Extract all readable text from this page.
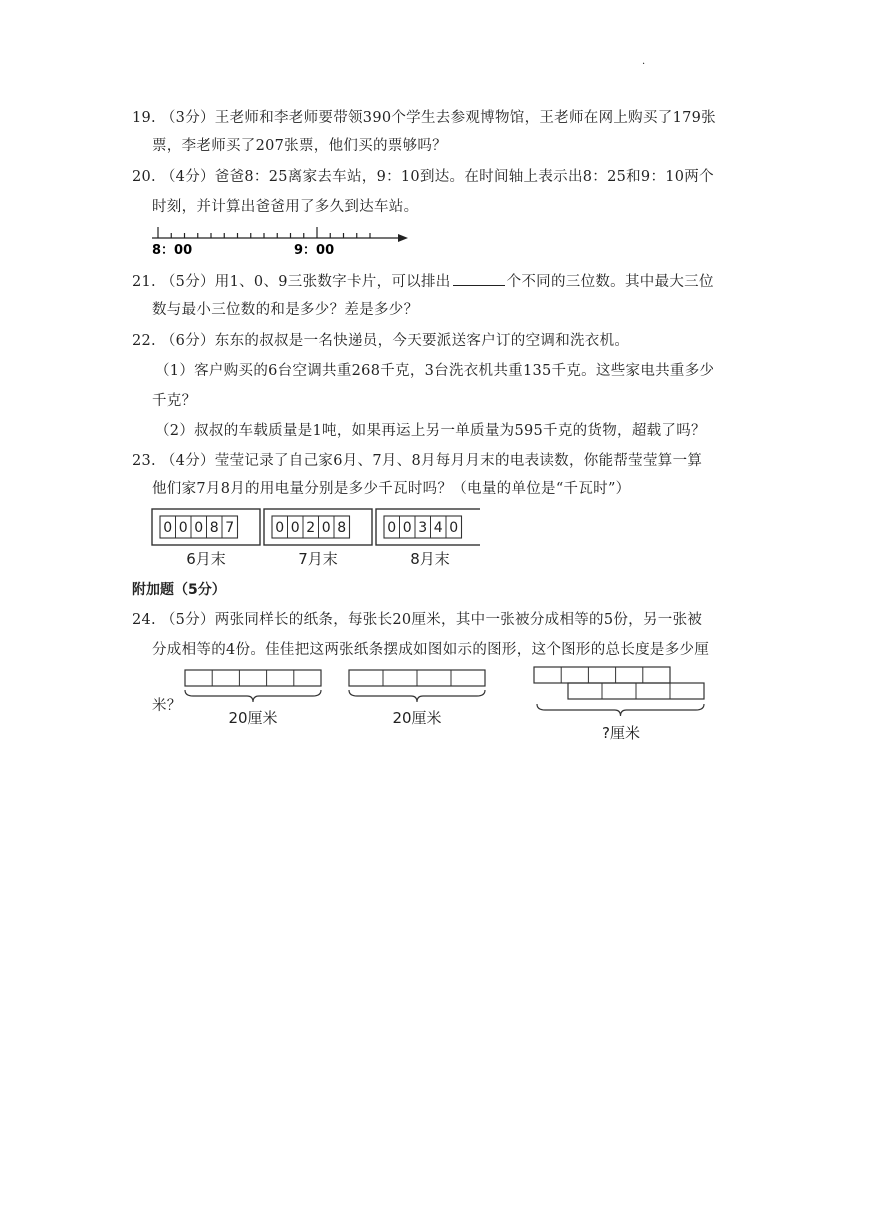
.
19. （3分）王老师和李老师要带领390个学生去参观博物馆，王老师在网上购买了179张
票，李老师买了207张票，他们买的票够吗？
20. （4分）爸爸8：25离家去车站，9：10到达。在时间轴上表示出8：25和9：10两个
时刻，并计算出爸爸用了多久到达车站。
8：00	9：00
21. （5分）用1、0、9三张数字卡片，可以排出	个不同的三位数。其中最大三位
数与最小三位数的和是多少？差是多少？
22. （6分）东东的叔叔是一名快递员，今天要派送客户订的空调和洗衣机。
（1）客户购买的6台空调共重268千克，3台洗衣机共重135千克。这些家电共重多少
千克？
（2）叔叔的车载质量是1吨，如果再运上另一单质量为595千克的货物，超载了吗？
23. （4分）莹莹记录了自己家6月、7月、8月每月月末的电表读数，你能帮莹莹算一算
他们家7月8月的用电量分别是多少千瓦时吗？（电量的单位是“千瓦时”）
0 0 0 8 7
6月末
0 0 2 0 8
7月末
0 0 3 4 0
8月末
附加题（5分）
24. （5分）两张同样长的纸条，每张长20厘米，其中一张被分成相等的5份，另一张被
分成相等的4份。佳佳把这两张纸条摆成如图如示的图形，这个图形的总长度是多少厘
米？
20厘米	20厘米
?厘米
